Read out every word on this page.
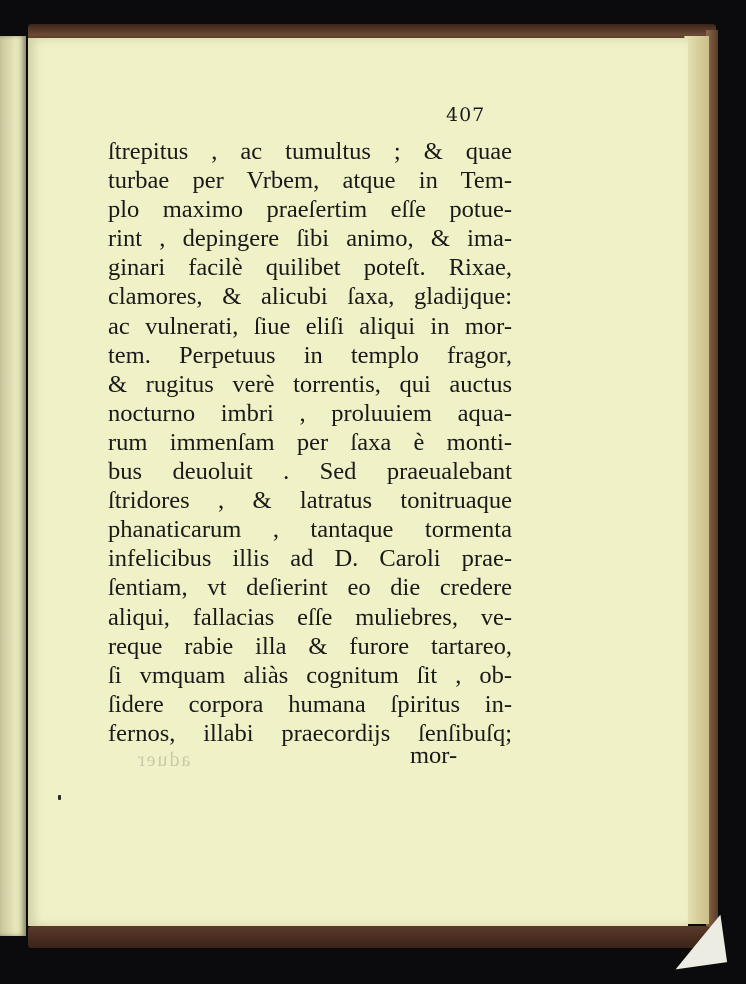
407
ſtrepitus , ac tumultus ; & quae
turbae per Vrbem, atque in Tem-
plo maximo praeſertim eſſe potue-
rint , depingere ſibi animo, & ima-
ginari facilè quilibet poteſt. Rixae,
clamores, & alicubi ſaxa, gladijque:
ac vulnerati, ſiue eliſi aliqui in mor-
tem. Perpetuus in templo fragor,
& rugitus verè torrentis, qui auctus
nocturno imbri , proluuiem aqua-
rum immenſam per ſaxa è monti-
bus deuoluit . Sed praeualebant
ſtridores , & latratus tonitruaque
phanaticarum , tantaque tormenta
infelicibus illis ad D. Caroli prae-
ſentiam, vt deſierint eo die credere
aliqui, fallacias eſſe muliebres, ve-
reque rabie illa & furore tartareo,
ſi vmquam aliàs cognitum ſit , ob-
ſidere corpora humana ſpiritus in-
fernos, illabi praecordijs ſenſibuſq;
mor-
aduer
